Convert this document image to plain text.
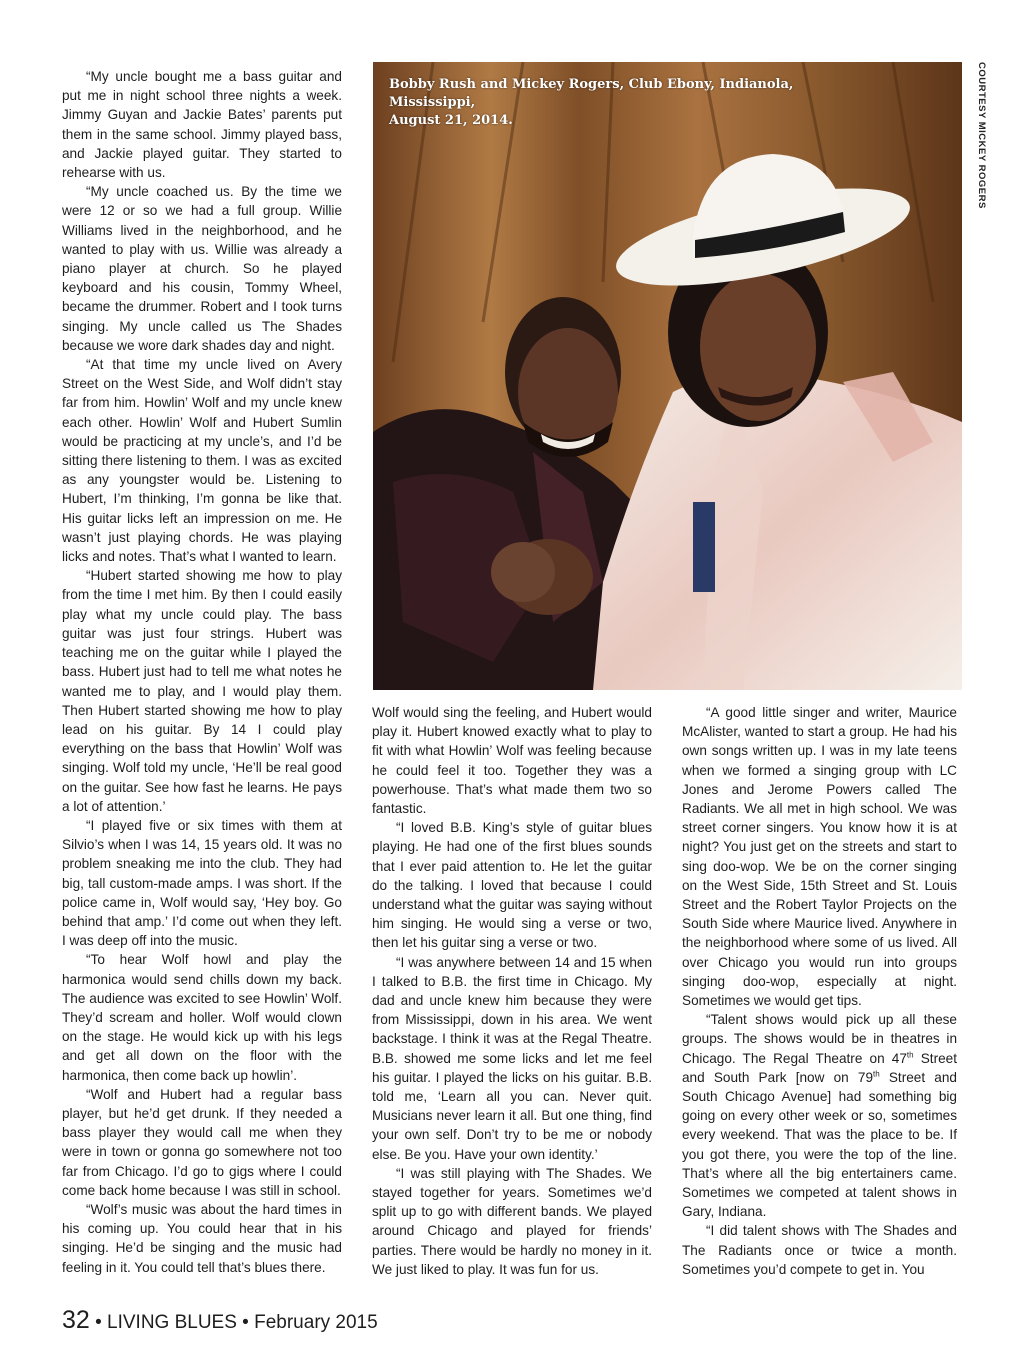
“My uncle bought me a bass guitar and put me in night school three nights a week. Jimmy Guyan and Jackie Bates’ parents put them in the same school. Jimmy played bass, and Jackie played guitar. They started to rehearse with us.

“My uncle coached us. By the time we were 12 or so we had a full group. Willie Williams lived in the neighborhood, and he wanted to play with us. Willie was already a piano player at church. So he played keyboard and his cousin, Tommy Wheel, became the drummer. Robert and I took turns singing. My uncle called us The Shades because we wore dark shades day and night.

“At that time my uncle lived on Avery Street on the West Side, and Wolf didn’t stay far from him. Howlin’ Wolf and my uncle knew each other. Howlin’ Wolf and Hubert Sumlin would be practicing at my uncle’s, and I’d be sitting there listening to them. I was as excited as any youngster would be. Listening to Hubert, I’m thinking, I’m gonna be like that. His guitar licks left an impression on me. He wasn’t just playing chords. He was playing licks and notes. That’s what I wanted to learn.

“Hubert started showing me how to play from the time I met him. By then I could easily play what my uncle could play. The bass guitar was just four strings. Hubert was teaching me on the guitar while I played the bass. Hubert just had to tell me what notes he wanted me to play, and I would play them. Then Hubert started showing me how to play lead on his guitar. By 14 I could play everything on the bass that Howlin’ Wolf was singing. Wolf told my uncle, ‘He’ll be real good on the guitar. See how fast he learns. He pays a lot of attention.’

“I played five or six times with them at Silvio’s when I was 14, 15 years old. It was no problem sneaking me into the club. They had big, tall custom-made amps. I was short. If the police came in, Wolf would say, ‘Hey boy. Go behind that amp.’ I’d come out when they left. I was deep off into the music.

“To hear Wolf howl and play the harmonica would send chills down my back. The audience was excited to see Howlin’ Wolf. They’d scream and holler. Wolf would clown on the stage. He would kick up with his legs and get all down on the floor with the harmonica, then come back up howlin’.

“Wolf and Hubert had a regular bass player, but he’d get drunk. If they needed a bass player they would call me when they were in town or gonna go somewhere not too far from Chicago. I’d go to gigs where I could come back home because I was still in school.

“Wolf’s music was about the hard times in his coming up. You could hear that in his singing. He’d be singing and the music had feeling in it. You could tell that’s blues there.

Bobby Rush and Mickey Rogers, Club Ebony, Indianola, Mississippi,
August 21, 2014.	COURTESY MICKEY ROGERS

Wolf would sing the feeling, and Hubert would play it. Hubert knowed exactly what to play to fit with what Howlin’ Wolf was feeling because he could feel it too. Together they was a powerhouse. That’s what made them two so fantastic.

“I loved B.B. King’s style of guitar blues playing. He had one of the first blues sounds that I ever paid attention to. He let the guitar do the talking. I loved that because I could understand what the guitar was saying without him singing. He would sing a verse or two, then let his guitar sing a verse or two.

“I was anywhere between 14 and 15 when I talked to B.B. the first time in Chicago. My dad and uncle knew him because they were from Mississippi, down in his area. We went backstage. I think it was at the Regal Theatre. B.B. showed me some licks and let me feel his guitar. I played the licks on his guitar. B.B. told me, ‘Learn all you can. Never quit. Musicians never learn it all. But one thing, find your own self. Don’t try to be me or nobody else. Be you. Have your own identity.’

“I was still playing with The Shades. We stayed together for years. Sometimes we’d split up to go with different bands. We played around Chicago and played for friends’ parties. There would be hardly no money in it. We just liked to play. It was fun for us.

“A good little singer and writer, Maurice McAlister, wanted to start a group. He had his own songs written up. I was in my late teens when we formed a singing group with LC Jones and Jerome Powers called The Radiants. We all met in high school. We was street corner singers. You know how it is at night? You just get on the streets and start to sing doo-wop. We be on the corner singing on the West Side, 15th Street and St. Louis Street and the Robert Taylor Projects on the South Side where Maurice lived. Anywhere in the neighborhood where some of us lived. All over Chicago you would run into groups singing doo-wop, especially at night. Sometimes we would get tips.

“Talent shows would pick up all these groups. The shows would be in theatres in Chicago. The Regal Theatre on 47th Street and South Park [now on 79th Street and South Chicago Avenue] had something big going on every other week or so, sometimes every weekend. That was the place to be. If you got there, you were the top of the line. That’s where all the big entertainers came. Sometimes we competed at talent shows in Gary, Indiana.

“I did talent shows with The Shades and The Radiants once or twice a month. Sometimes you’d compete to get in. You

32 • LIVING BLUES • February 2015
